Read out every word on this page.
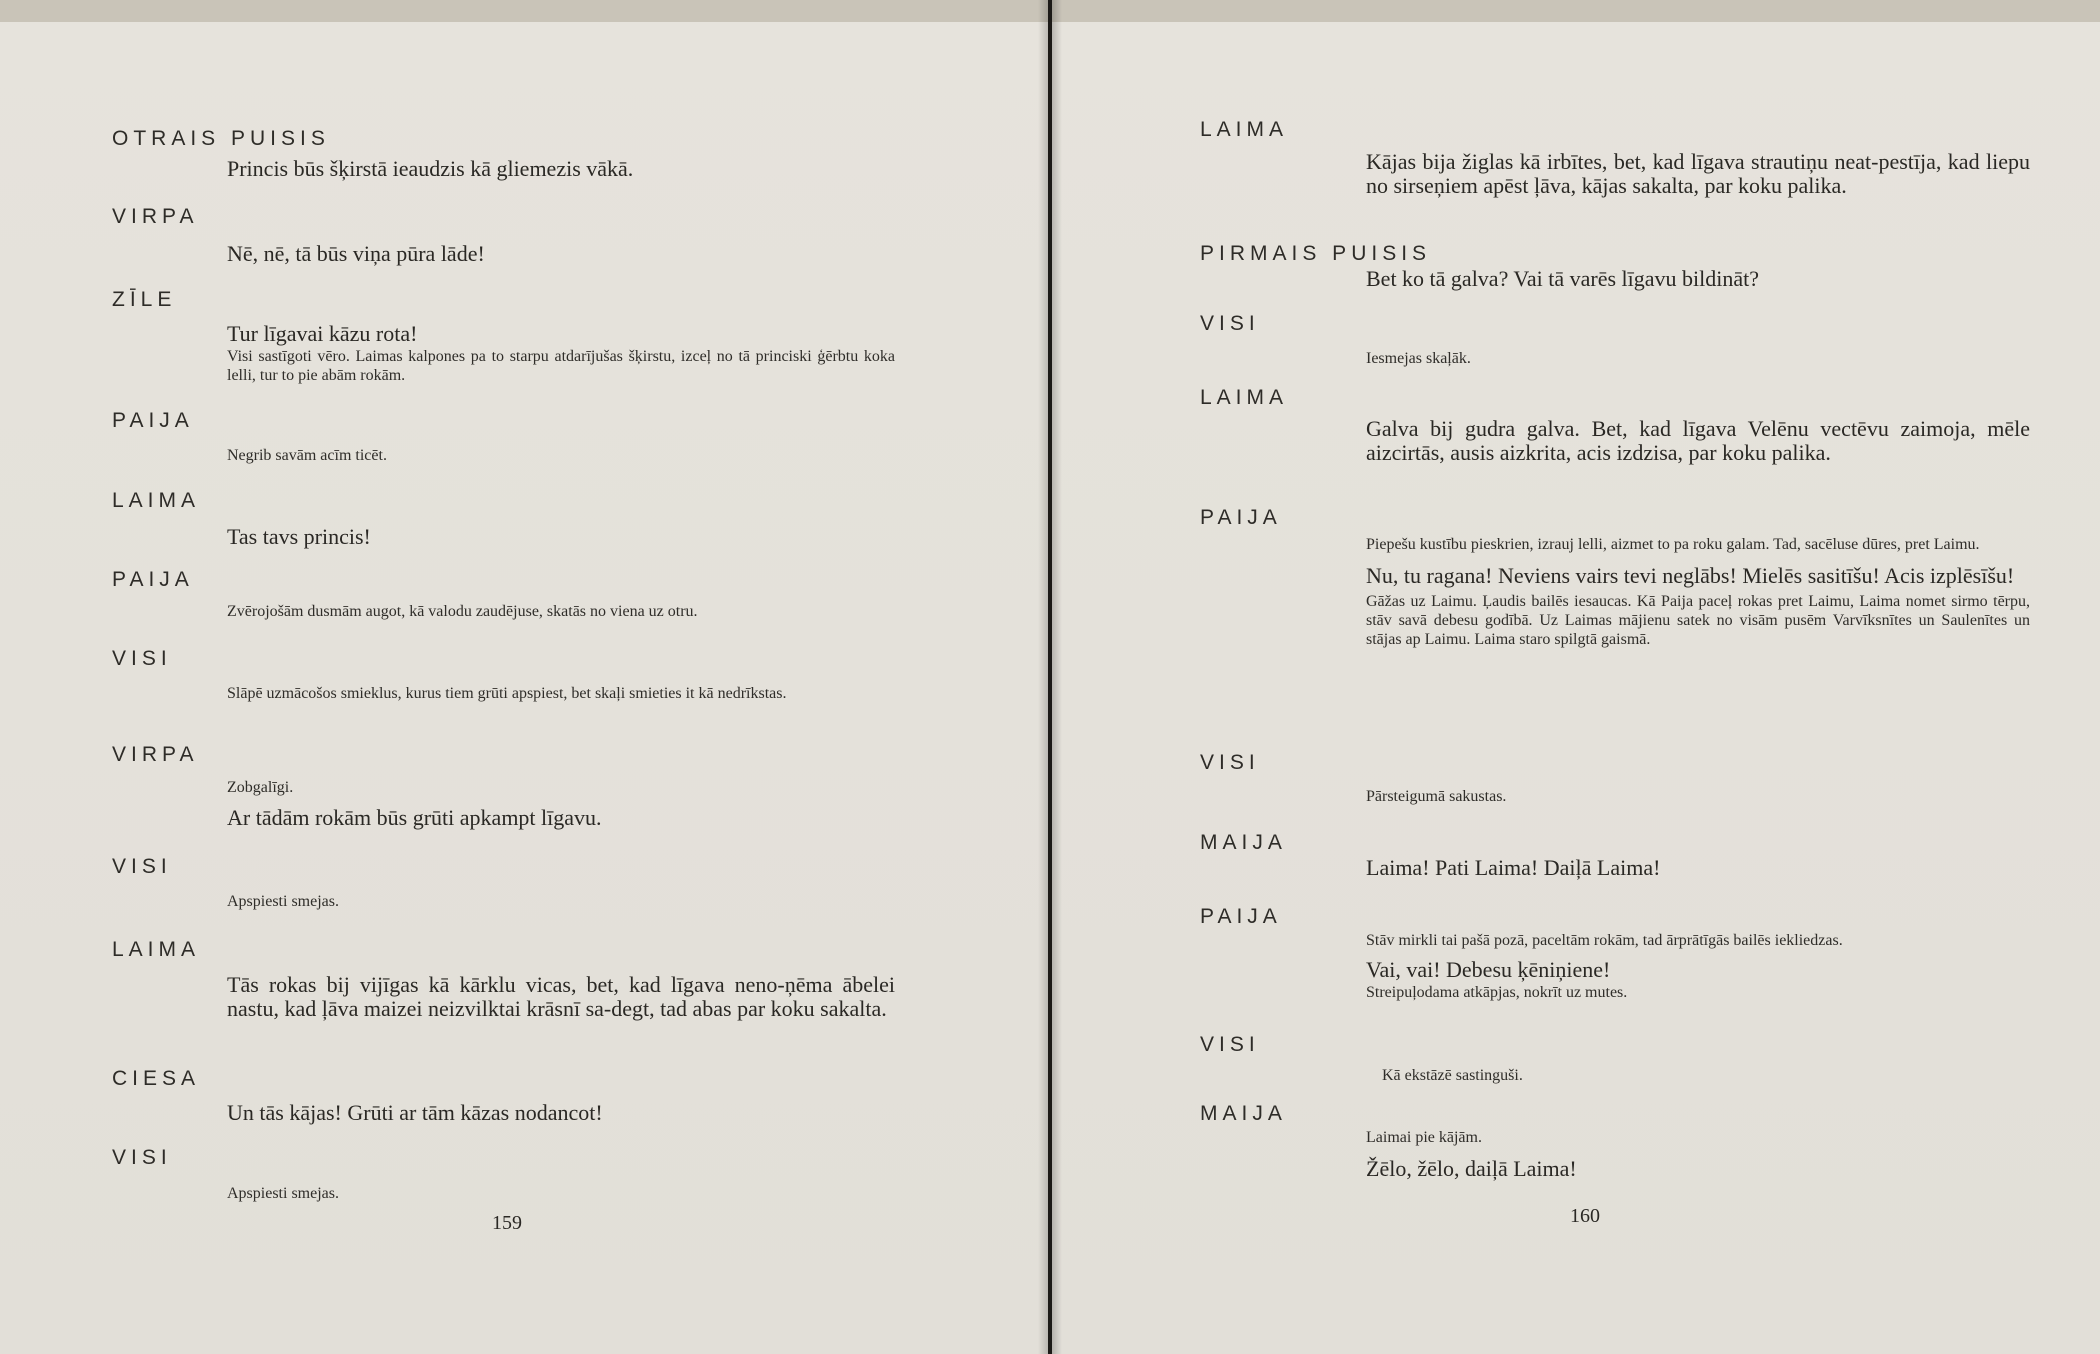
OTRAIS PUISIS

Princis būs šķirstā ieaudzis kā gliemezis vākā.

VIRPA

Nē, nē, tā būs viņa pūra lāde!

ZĪLE

Tur līgavai kāzu rota!

Visi sastīgoti vēro. Laimas kalpones pa to starpu atdarījušas šķirstu, izceļ no tā princiski ģērbtu koka lelli, tur to pie abām rokām.

PAIJA

Negrib savām acīm ticēt.

LAIMA

Tas tavs princis!

PAIJA

Zvērojošām dusmām augot, kā valodu zaudējuse, skatās no viena uz otru.

VISI

Slāpē uzmācošos smieklus, kurus tiem grūti apspiest, bet skaļi smieties it kā nedrīkstas.

VIRPA

Zobgalīgi.

Ar tādām rokām būs grūti apkampt līgavu.

VISI

Apspiesti smejas.

LAIMA

Tās rokas bij vijīgas kā kārklu vicas, bet, kad līgava neno-ņēma ābelei nastu, kad ļāva maizei neizvilktai krāsnī sa-degt, tad abas par koku sakalta.

CIESA

Un tās kājas! Grūti ar tām kāzas nodancot!

VISI

Apspiesti smejas.

159

LAIMA

Kājas bija žiglas kā irbītes, bet, kad līgava strautiņu neat-pestīja, kad liepu no sirseņiem apēst ļāva, kājas sakalta, par koku palika.

PIRMAIS PUISIS

Bet ko tā galva? Vai tā varēs līgavu bildināt?

VISI

Iesmejas skaļāk.

LAIMA

Galva bij gudra galva. Bet, kad līgava Velēnu vectēvu zaimoja, mēle aizcirtās, ausis aizkrita, acis izdzisa, par koku palika.

PAIJA

Piepešu kustību pieskrien, izrauj lelli, aizmet to pa roku galam. Tad, sacēluse dūres, pret Laimu.

Nu, tu ragana! Neviens vairs tevi neglābs! Mielēs sasitīšu! Acis izplēsīšu!

Gāžas uz Laimu. Ļaudis bailēs iesaucas. Kā Paija paceļ rokas pret Laimu, Laima nomet sirmo tērpu, stāv savā debesu godībā. Uz Laimas mājienu satek no visām pusēm Varvīksnītes un Saulenītes un stājas ap Laimu. Laima staro spilgtā gaismā.

VISI

Pārsteigumā sakustas.

MAIJA

Laima! Pati Laima! Daiļā Laima!

PAIJA

Stāv mirkli tai pašā pozā, paceltām rokām, tad ārprātīgās bailēs iekliedzas.

Vai, vai! Debesu ķēniņiene!

Streipuļodama atkāpjas, nokrīt uz mutes.

VISI

Kā ekstāzē sastinguši.

MAIJA

Laimai pie kājām.

Žēlo, žēlo, daiļā Laima!

160
